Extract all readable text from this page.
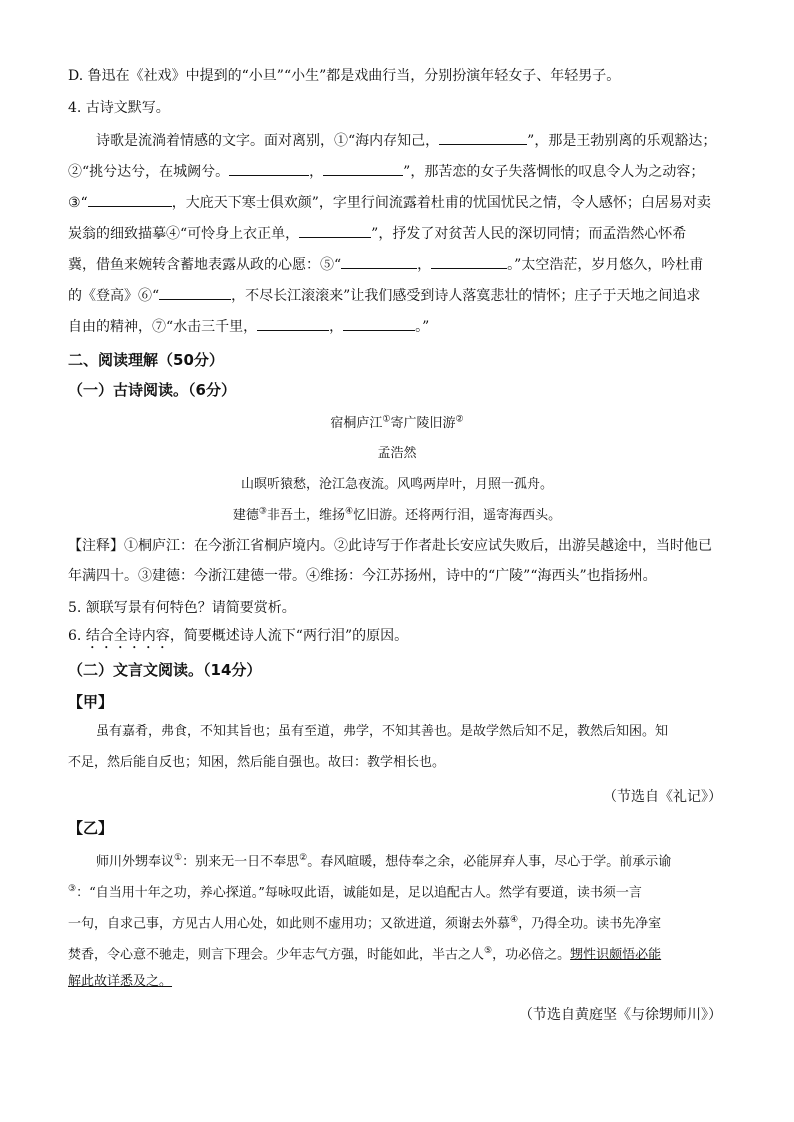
D. 鲁迅在《社戏》中提到的“小旦”“小生”都是戏曲行当，分别扮演年轻女子、年轻男子。
4. 古诗文默写。
诗歌是流淌着情感的文字。面对离别，①“海内存知己，	”，那是王勃别离的乐观豁达；
②“挑兮达兮，在城阙兮。	，	”，那苦恋的女子失落惆怅的叹息令人为之动容；
③“	，大庇天下寒士俱欢颜”，字里行间流露着杜甫的忧国忧民之情，令人感怀；白居易对卖
炭翁的细致描摹④“可怜身上衣正单，	”，抒发了对贫苦人民的深切同情；而孟浩然心怀希
冀，借鱼来婉转含蓄地表露从政的心愿：⑤“	，	。”太空浩茫，岁月悠久，吟杜甫
的《登高》⑥“	，不尽长江滚滚来”让我们感受到诗人落寞悲壮的情怀；庄子于天地之间追求
自由的精神，⑦“水击三千里，	，	。”
二、阅读理解（50分）
（一）古诗阅读。（6分）
宿桐庐江①寄广陵旧游②
孟浩然
山暝听猿愁，沧江急夜流。风鸣两岸叶，月照一孤舟。
建德③非吾土，维扬④忆旧游。还将两行泪，遥寄海西头。
【注释】①桐庐江：在今浙江省桐庐境内。②此诗写于作者赴长安应试失败后，出游吴越途中，当时他已
年满四十。③建德：今浙江建德一带。④维扬：今江苏扬州，诗中的“广陵”“海西头”也指扬州。
5. 颔联写景有何特色？请简要赏析。
6. 结合全诗内容，简要概述诗人流下“两行泪”的原因。
（二）文言文阅读。（14分）
【甲】
虽有嘉肴，弗食，不知其旨也；虽有至道，弗学，不知其善也。是故学然后知不足，教然后知困。知
不足，然后能自反也；知困，然后能自强也。故曰：教学相长也。
（节选自《礼记》）
【乙】
师川外甥奉议①：别来无一日不奉思②。春风暄暖，想侍奉之余，必能屏弃人事，尽心于学。前承示谕
③：“自当用十年之功，养心探道。”每咏叹此语，诚能如是，足以追配古人。然学有要道，读书须一言
一句，自求己事，方见古人用心处，如此则不虚用功；又欲进道，须谢去外慕④，乃得全功。读书先净室
焚香，令心意不驰走，则言下理会。少年志气方强，时能如此，半古之人⑤，功必倍之。甥性识颇悟必能
解此故详悉及之。
（节选自黄庭坚《与徐甥师川》）
